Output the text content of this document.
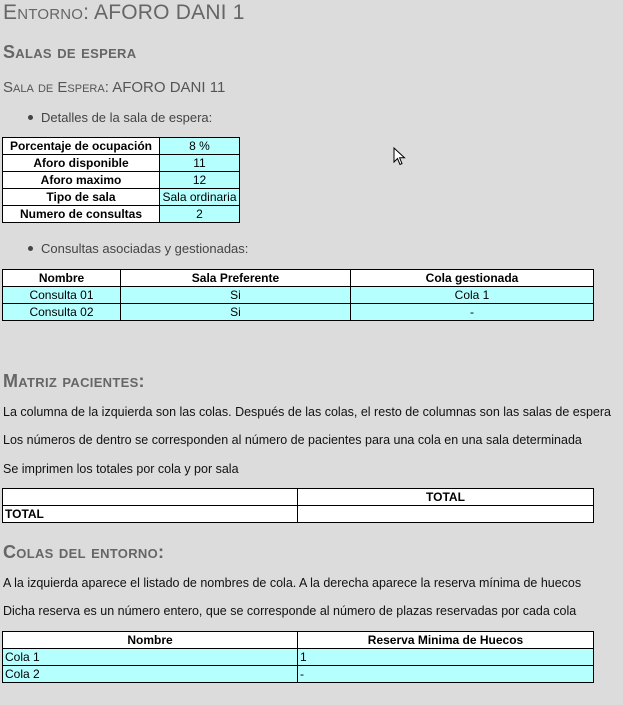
Entorno: AFORO DANI 1
Salas de espera
Sala de Espera: AFORO DANI 11
Detalles de la sala de espera:
Porcentaje de ocupación	8 %
Aforo disponible	11
Aforo maximo	12
Tipo de sala	Sala ordinaria
Numero de consultas	2
Consultas asociadas y gestionadas:
Nombre	Sala Preferente	Cola gestionada
Consulta 01	Si	Cola 1
Consulta 02	Si	-
Matriz pacientes:
La columna de la izquierda son las colas. Después de las colas, el resto de columnas son las salas de espera
Los números de dentro se corresponden al número de pacientes para una cola en una sala determinada
Se imprimen los totales por cola y por sala
	TOTAL
TOTAL	
Colas del entorno:
A la izquierda aparece el listado de nombres de cola. A la derecha aparece la reserva mínima de huecos
Dicha reserva es un número entero, que se corresponde al número de plazas reservadas por cada cola
Nombre	Reserva Minima de Huecos
Cola 1	1
Cola 2	-
